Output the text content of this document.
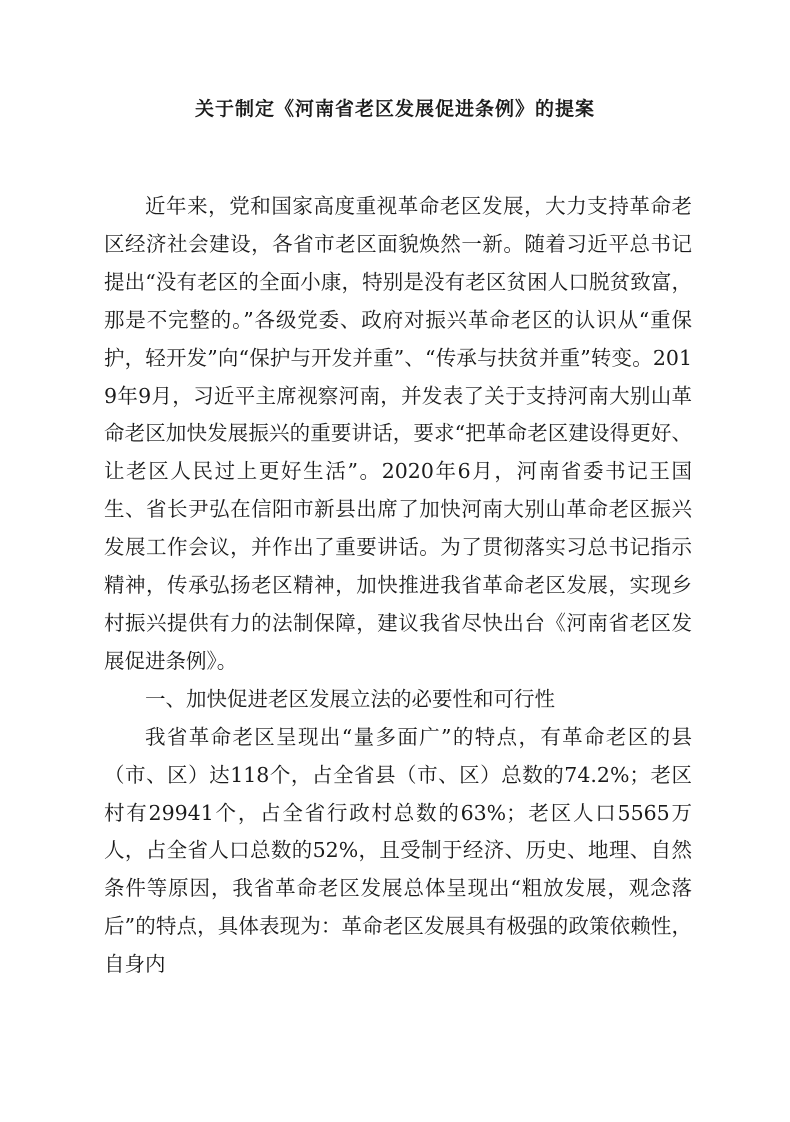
关于制定《河南省老区发展促进条例》的提案

近年来，党和国家高度重视革命老区发展，大力支持革命老区经济社会建设，各省市老区面貌焕然一新。随着习近平总书记提出“没有老区的全面小康，特别是没有老区贫困人口脱贫致富，那是不完整的。”各级党委、政府对振兴革命老区的认识从“重保护，轻开发”向“保护与开发并重”、“传承与扶贫并重”转变。2019年9月，习近平主席视察河南，并发表了关于支持河南大别山革命老区加快发展振兴的重要讲话，要求“把革命老区建设得更好、让老区人民过上更好生活”。2020年6月，河南省委书记王国生、省长尹弘在信阳市新县出席了加快河南大别山革命老区振兴发展工作会议，并作出了重要讲话。为了贯彻落实习总书记指示精神，传承弘扬老区精神，加快推进我省革命老区发展，实现乡村振兴提供有力的法制保障，建议我省尽快出台《河南省老区发展促进条例》。

一、加快促进老区发展立法的必要性和可行性

我省革命老区呈现出“量多面广”的特点，有革命老区的县（市、区）达118个，占全省县（市、区）总数的74.2%；老区村有29941个，占全省行政村总数的63%；老区人口5565万人，占全省人口总数的52%，且受制于经济、历史、地理、自然条件等原因，我省革命老区发展总体呈现出“粗放发展，观念落后”的特点，具体表现为：革命老区发展具有极强的政策依赖性，自身内
